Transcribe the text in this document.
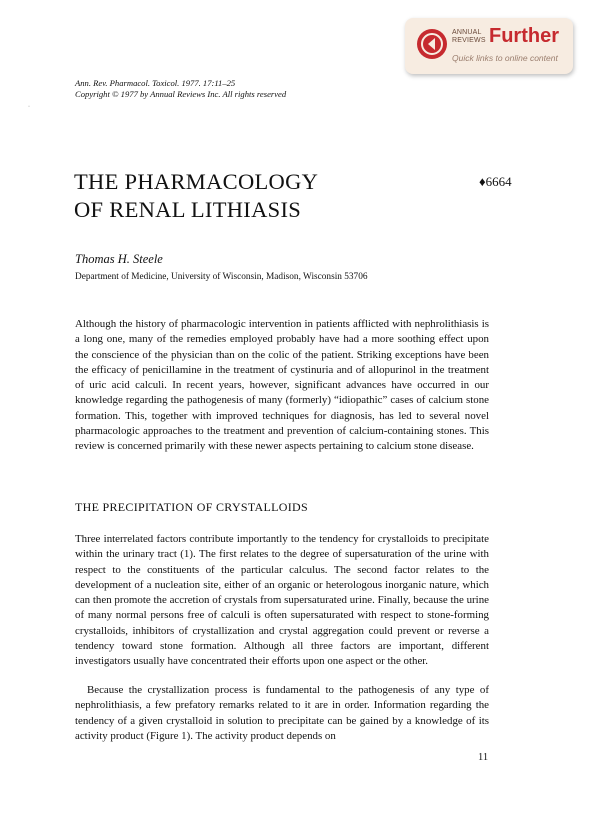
ANNUAL
REVIEWS Further
Quick links to online content
Ann. Rev. Pharmacol. Toxicol. 1977. 17:11–25
Copyright © 1977 by Annual Reviews Inc. All rights reserved
·
THE PHARMACOLOGY
OF RENAL LITHIASIS
♦6664
Thomas H. Steele
Department of Medicine, University of Wisconsin, Madison, Wisconsin 53706

Although the history of pharmacologic intervention in patients afflicted with nephrolithiasis is a long one, many of the remedies employed probably have had a more soothing effect upon the conscience of the physician than on the colic of the patient. Striking exceptions have been the efficacy of penicillamine in the treatment of cystinuria and of allopurinol in the treatment of uric acid calculi. In recent years, however, significant advances have occurred in our knowledge regarding the pathogenesis of many (formerly) “idiopathic” cases of calcium stone formation. This, together with improved techniques for diagnosis, has led to several novel pharmacologic approaches to the treatment and prevention of calcium-containing stones. This review is concerned primarily with these newer aspects pertaining to calcium stone disease.

THE PRECIPITATION OF CRYSTALLOIDS

Three interrelated factors contribute importantly to the tendency for crystalloids to precipitate within the urinary tract (1). The first relates to the degree of supersaturation of the urine with respect to the constituents of the particular calculus. The second factor relates to the development of a nucleation site, either of an organic or heterologous inorganic nature, which can then promote the accretion of crystals from supersaturated urine. Finally, because the urine of many normal persons free of calculi is often supersaturated with respect to stone-forming crystalloids, inhibitors of crystallization and crystal aggregation could prevent or reverse a tendency toward stone formation. Although all three factors are important, different investigators usually have concentrated their efforts upon one aspect or the other.

Because the crystallization process is fundamental to the pathogenesis of any type of nephrolithiasis, a few prefatory remarks related to it are in order. Information regarding the tendency of a given crystalloid in solution to precipitate can be gained by a knowledge of its activity product (Figure 1). The activity product depends on

11
